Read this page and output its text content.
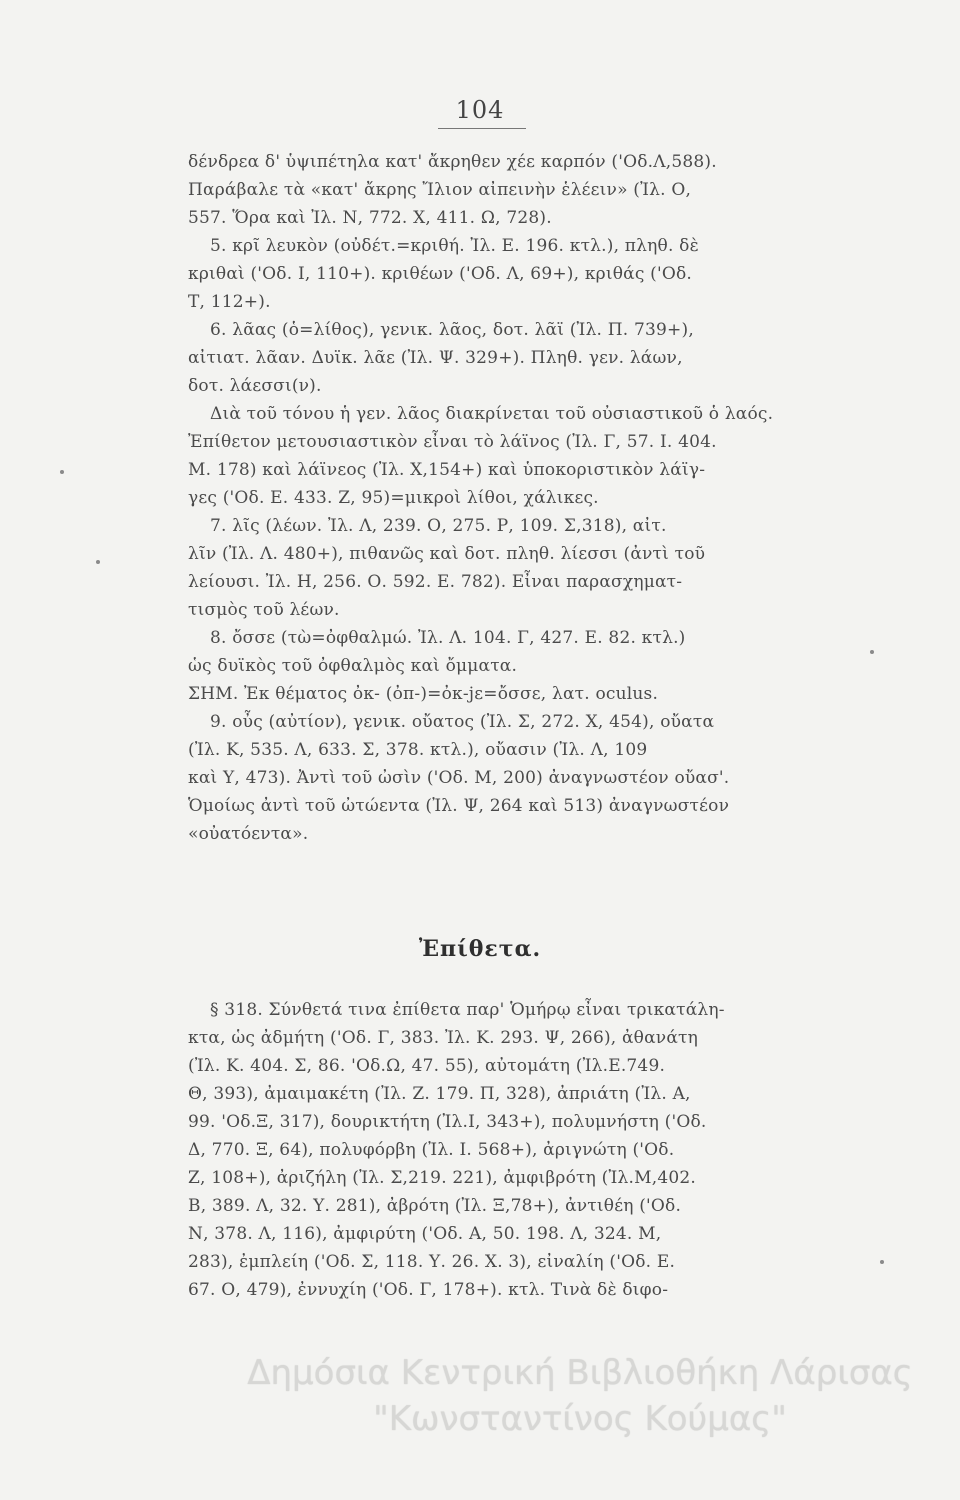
104
δένδρεα δ' ὑψιπέτηλα κατ' ἄκρηθεν χέε καρπόν ('Οδ.Λ,588).
Παράβαλε τὰ «κατ' ἄκρης Ἴλιον αἰπεινὴν ἑλέειν» (Ἰλ. Ο,
557. Ὅρα καὶ Ἰλ. Ν, 772. Χ, 411. Ω, 728).
5. κρῖ λευκὸν (οὐδέτ.=κριθή. Ἰλ. Ε. 196. κτλ.), πληθ. δὲ
κριθαὶ ('Οδ. Ι, 110+). κριθέων ('Οδ. Λ, 69+), κριθάς ('Οδ.
Τ, 112+).
6. λᾶας (ὁ=λίθος), γενικ. λᾶος, δοτ. λᾶϊ (Ἰλ. Π. 739+),
αἰτιατ. λᾶαν. Δυϊκ. λᾶε (Ἰλ. Ψ. 329+). Πληθ. γεν. λάων,
δοτ. λάεσσι(ν).
Διὰ τοῦ τόνου ἡ γεν. λᾶος διακρίνεται τοῦ οὐσιαστικοῦ ὁ λαός.
Ἐπίθετον μετουσιαστικὸν εἶναι τὸ λάϊνος (Ἰλ. Γ, 57. Ι. 404.
Μ. 178) καὶ λάϊνεος (Ἰλ. Χ,154+) καὶ ὑποκοριστικὸν λάϊγ-
γες ('Οδ. Ε. 433. Ζ, 95)=μικροὶ λίθοι, χάλικες.
7. λῖς (λέων. Ἰλ. Λ, 239. Ο, 275. Ρ, 109. Σ,318), αἰτ.
λῖν (Ἰλ. Λ. 480+), πιθανῶς καὶ δοτ. πληθ. λίεσσι (ἀντὶ τοῦ
λείουσι. Ἰλ. Η, 256. Ο. 592. Ε. 782). Εἶναι παρασχηματ-
τισμὸς τοῦ λέων.
8. ὄσσε (τὼ=ὀφθαλμώ. Ἰλ. Λ. 104. Γ, 427. Ε. 82. κτλ.)
ὡς δυϊκὸς τοῦ ὀφθαλμὸς καὶ ὄμματα.
ΣΗΜ. Ἐκ θέματος ὀκ- (ὀπ-)=ὀκ-jε=ὄσσε, λατ. oculus.
9. οὖς (αὐτίον), γενικ. οὔατος (Ἰλ. Σ, 272. Χ, 454), οὔατα
(Ἰλ. Κ, 535. Λ, 633. Σ, 378. κτλ.), οὔασιν (Ἰλ. Λ, 109
καὶ Υ, 473). Ἀντὶ τοῦ ὠσὶν ('Οδ. Μ, 200) ἀναγνωστέον οὔασ'.
Ὁμοίως ἀντὶ τοῦ ὠτώεντα (Ἰλ. Ψ, 264 καὶ 513) ἀναγνωστέον
«οὐατόεντα».
Ἐπίθετα.
§ 318. Σύνθετά τινα ἐπίθετα παρ' Ὁμήρῳ εἶναι τρικατάλη-
κτα, ὡς ἀδμήτη ('Οδ. Γ, 383. Ἰλ. Κ. 293. Ψ, 266), ἀθανάτη
(Ἰλ. Κ. 404. Σ, 86. 'Οδ.Ω, 47. 55), αὐτομάτη (Ἰλ.Ε.749.
Θ, 393), ἀμαιμακέτη (Ἰλ. Ζ. 179. Π, 328), ἀπριάτη (Ἰλ. Α,
99. 'Οδ.Ξ, 317), δουρικτήτη (Ἰλ.Ι, 343+), πολυμνήστη ('Οδ.
Δ, 770. Ξ, 64), πολυφόρβη (Ἰλ. Ι. 568+), ἀριγνώτη ('Οδ.
Ζ, 108+), ἀριζήλη (Ἰλ. Σ,219. 221), ἀμφιβρότη (Ἰλ.Μ,402.
Β, 389. Λ, 32. Υ. 281), ἀβρότη (Ἰλ. Ξ,78+), ἀντιθέη ('Οδ.
Ν, 378. Λ, 116), ἀμφιρύτη ('Οδ. Α, 50. 198. Λ, 324. Μ,
283), ἐμπλείη ('Οδ. Σ, 118. Υ. 26. Χ. 3), εἰναλίη ('Οδ. Ε.
67. Ο, 479), ἐννυχίη ('Οδ. Γ, 178+). κτλ. Τινὰ δὲ διφο-
Δημόσια Κεντρική Βιβλιοθήκη Λάρισας
"Κωνσταντίνος Κούμας"
